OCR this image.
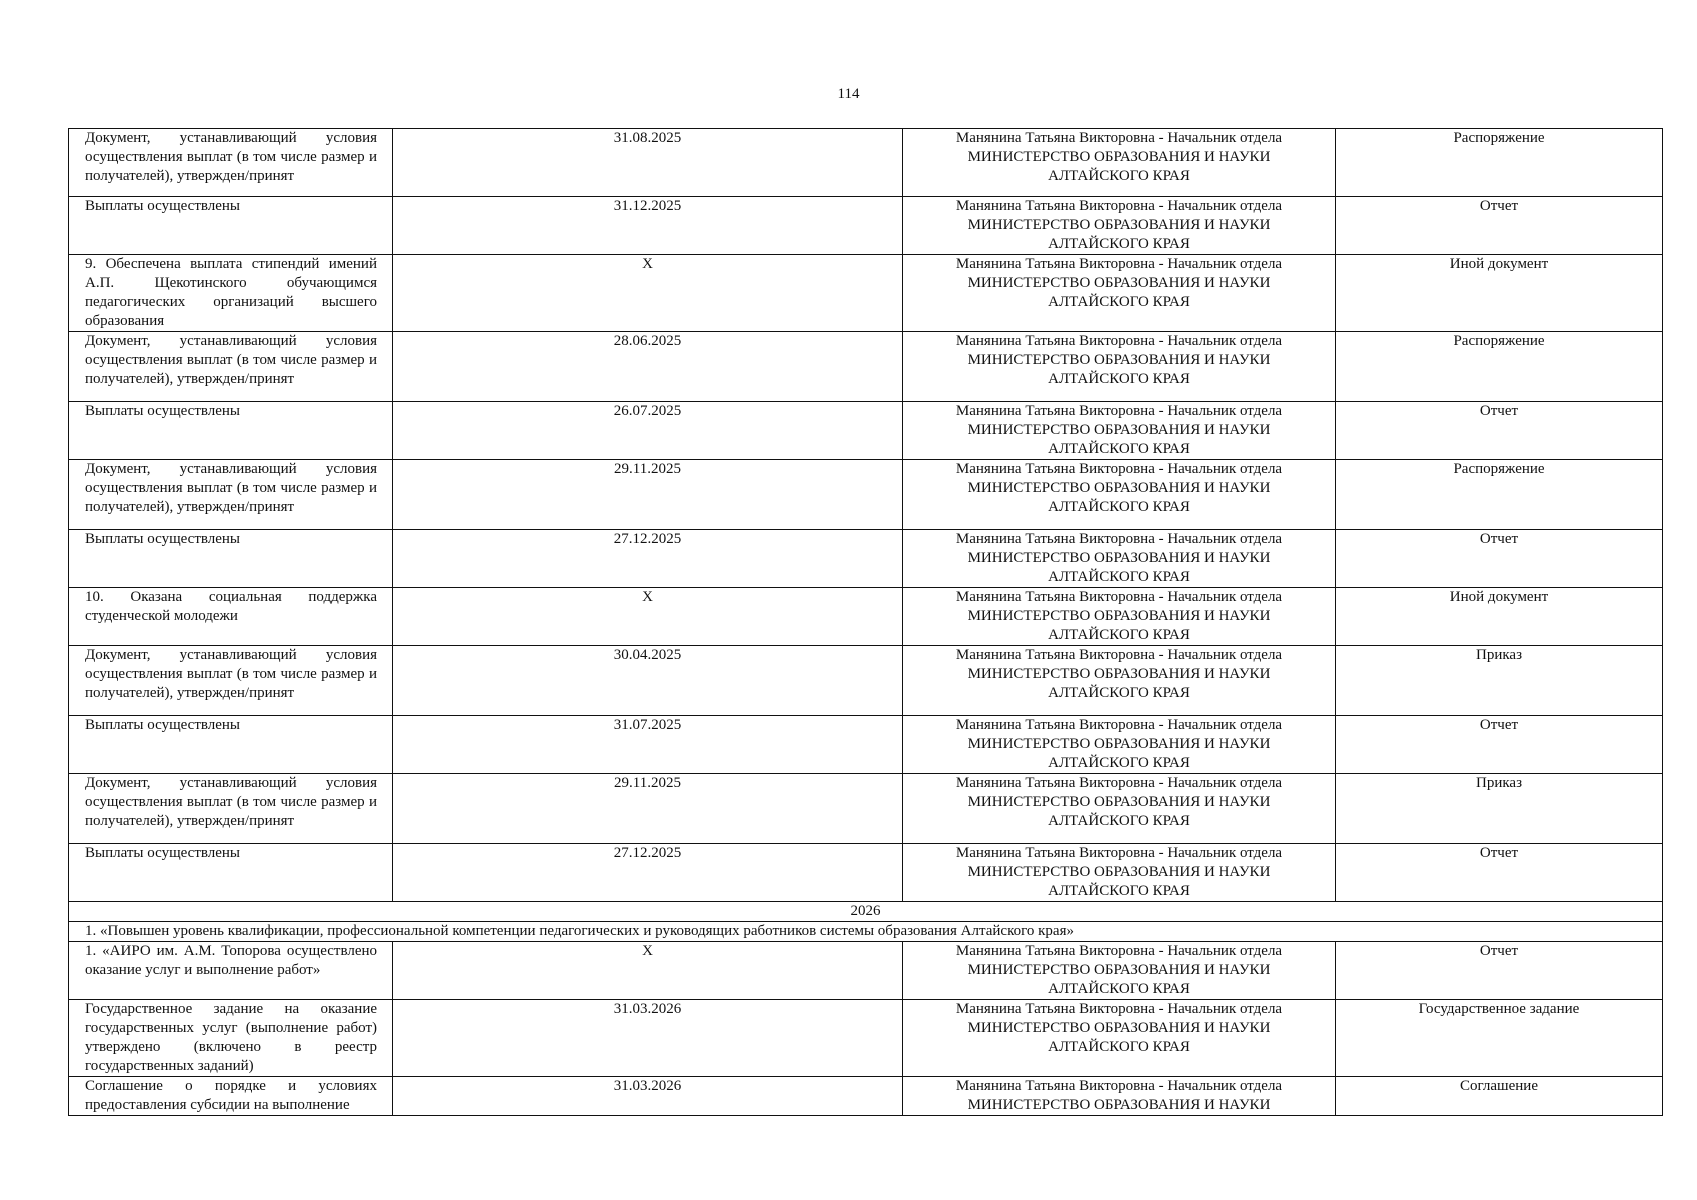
114
Документ, устанавливающий условия осуществления выплат (в том числе размер и получателей), утвержден/принят	31.08.2025	Манянина Татьяна Викторовна - Начальник отдела
МИНИСТЕРСТВО ОБРАЗОВАНИЯ И НАУКИ
АЛТАЙСКОГО КРАЯ	Распоряжение
Выплаты осуществлены	31.12.2025	Манянина Татьяна Викторовна - Начальник отдела
МИНИСТЕРСТВО ОБРАЗОВАНИЯ И НАУКИ
АЛТАЙСКОГО КРАЯ	Отчет
9. Обеспечена выплата стипендий имений А.П. Щекотинского обучающимся педагогических организаций высшего образования	X	Манянина Татьяна Викторовна - Начальник отдела
МИНИСТЕРСТВО ОБРАЗОВАНИЯ И НАУКИ
АЛТАЙСКОГО КРАЯ	Иной документ
Документ, устанавливающий условия осуществления выплат (в том числе размер и получателей), утвержден/принят	28.06.2025	Манянина Татьяна Викторовна - Начальник отдела
МИНИСТЕРСТВО ОБРАЗОВАНИЯ И НАУКИ
АЛТАЙСКОГО КРАЯ	Распоряжение
Выплаты осуществлены	26.07.2025	Манянина Татьяна Викторовна - Начальник отдела
МИНИСТЕРСТВО ОБРАЗОВАНИЯ И НАУКИ
АЛТАЙСКОГО КРАЯ	Отчет
Документ, устанавливающий условия осуществления выплат (в том числе размер и получателей), утвержден/принят	29.11.2025	Манянина Татьяна Викторовна - Начальник отдела
МИНИСТЕРСТВО ОБРАЗОВАНИЯ И НАУКИ
АЛТАЙСКОГО КРАЯ	Распоряжение
Выплаты осуществлены	27.12.2025	Манянина Татьяна Викторовна - Начальник отдела
МИНИСТЕРСТВО ОБРАЗОВАНИЯ И НАУКИ
АЛТАЙСКОГО КРАЯ	Отчет
10. Оказана социальная поддержка студенческой молодежи	X	Манянина Татьяна Викторовна - Начальник отдела
МИНИСТЕРСТВО ОБРАЗОВАНИЯ И НАУКИ
АЛТАЙСКОГО КРАЯ	Иной документ
Документ, устанавливающий условия осуществления выплат (в том числе размер и получателей), утвержден/принят	30.04.2025	Манянина Татьяна Викторовна - Начальник отдела
МИНИСТЕРСТВО ОБРАЗОВАНИЯ И НАУКИ
АЛТАЙСКОГО КРАЯ	Приказ
Выплаты осуществлены	31.07.2025	Манянина Татьяна Викторовна - Начальник отдела
МИНИСТЕРСТВО ОБРАЗОВАНИЯ И НАУКИ
АЛТАЙСКОГО КРАЯ	Отчет
Документ, устанавливающий условия осуществления выплат (в том числе размер и получателей), утвержден/принят	29.11.2025	Манянина Татьяна Викторовна - Начальник отдела
МИНИСТЕРСТВО ОБРАЗОВАНИЯ И НАУКИ
АЛТАЙСКОГО КРАЯ	Приказ
Выплаты осуществлены	27.12.2025	Манянина Татьяна Викторовна - Начальник отдела
МИНИСТЕРСТВО ОБРАЗОВАНИЯ И НАУКИ
АЛТАЙСКОГО КРАЯ	Отчет
2026			
1. «Повышен уровень квалификации, профессиональной компетенции педагогических и руководящих работников системы образования Алтайского края»			
1. «АИРО им. А.М. Топорова осуществлено оказание услуг и выполнение работ»	X	Манянина Татьяна Викторовна - Начальник отдела
МИНИСТЕРСТВО ОБРАЗОВАНИЯ И НАУКИ
АЛТАЙСКОГО КРАЯ	Отчет
Государственное задание на оказание государственных услуг (выполнение работ) утверждено (включено в реестр государственных заданий)	31.03.2026	Манянина Татьяна Викторовна - Начальник отдела
МИНИСТЕРСТВО ОБРАЗОВАНИЯ И НАУКИ
АЛТАЙСКОГО КРАЯ	Государственное задание
Соглашение о порядке и условиях предоставления субсидии на выполнение	31.03.2026	Манянина Татьяна Викторовна - Начальник отдела
МИНИСТЕРСТВО ОБРАЗОВАНИЯ И НАУКИ	Соглашение
